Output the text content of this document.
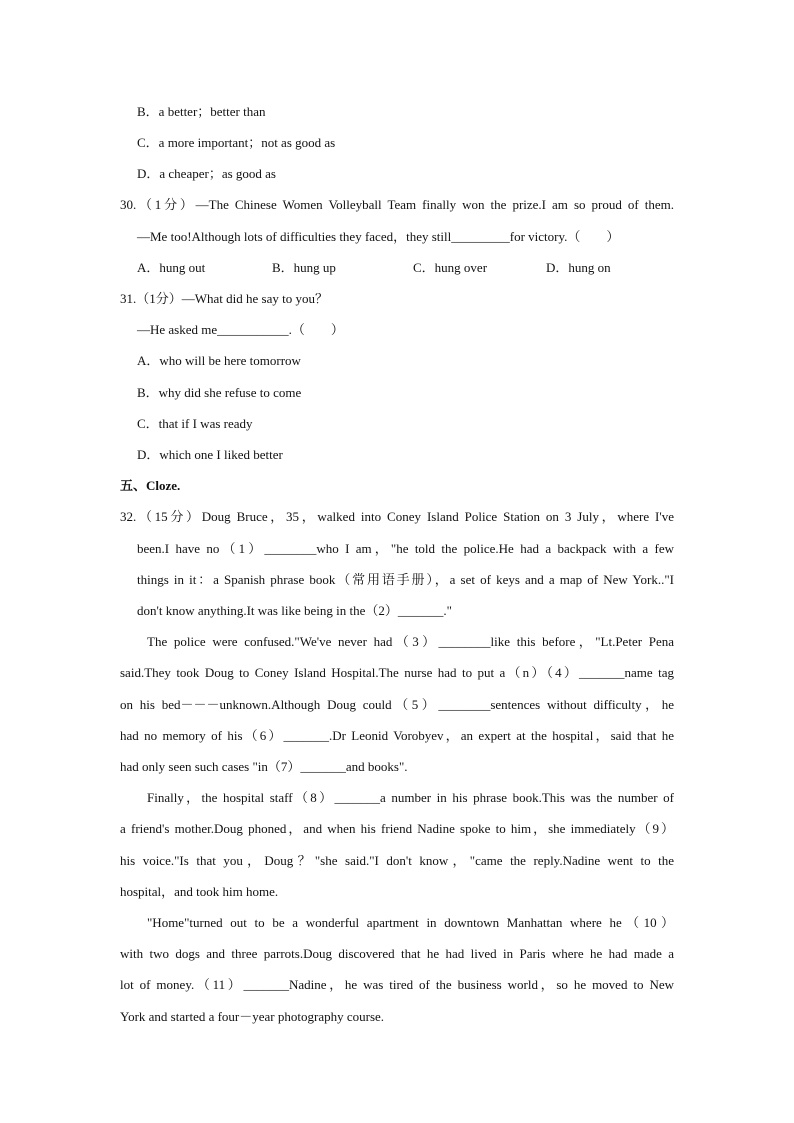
B．a better；better than
C．a more important；not as good as
D．a cheaper；as good as
30.（1分）—The Chinese Women Volleyball Team finally won the prize.I am so proud of them.
—Me too!Although lots of difficulties they faced，they still_________for victory.（　　）
A．hung out	B．hung up	C．hung over	D．hung on
31.（1分）—What did he say to you？
—He asked me___________.（　　）
A．who will be here tomorrow
B．why did she refuse to come
C．that if I was ready
D．which one I liked better
五、Cloze.
32.（15分）Doug Bruce，35，walked into Coney Island Police Station on 3 July，where I've
been.I have no（1）________who I am，"he told the police.He had a backpack with a few
things in it：a Spanish phrase book（常用语手册），a set of keys and a map of New York.."I
don't know anything.It was like being in the（2）_______."
The police were confused."We've never had（3）________like this before，"Lt.Peter Pena
said.They took Doug to Coney Island Hospital.The nurse had to put a（n）（4）_______name tag
on his bed－－－unknown.Although Doug could（5）________sentences without difficulty，he
had no memory of his（6）_______.Dr Leonid Vorobyev，an expert at the hospital，said that he
had only seen such cases "in（7）_______and books".
Finally，the hospital staff（8）_______a number in his phrase book.This was the number of
a friend's mother.Doug phoned，and when his friend Nadine spoke to him，she immediately（9）
his voice."Is that you，Doug？"she said."I don't know，"came the reply.Nadine went to the
hospital，and took him home.
"Home"turned out to be a wonderful apartment in downtown Manhattan where he（10）
with two dogs and three parrots.Doug discovered that he had lived in Paris where he had made a
lot of money.（11）_______Nadine，he was tired of the business world，so he moved to New
York and started a four－year photography course.
